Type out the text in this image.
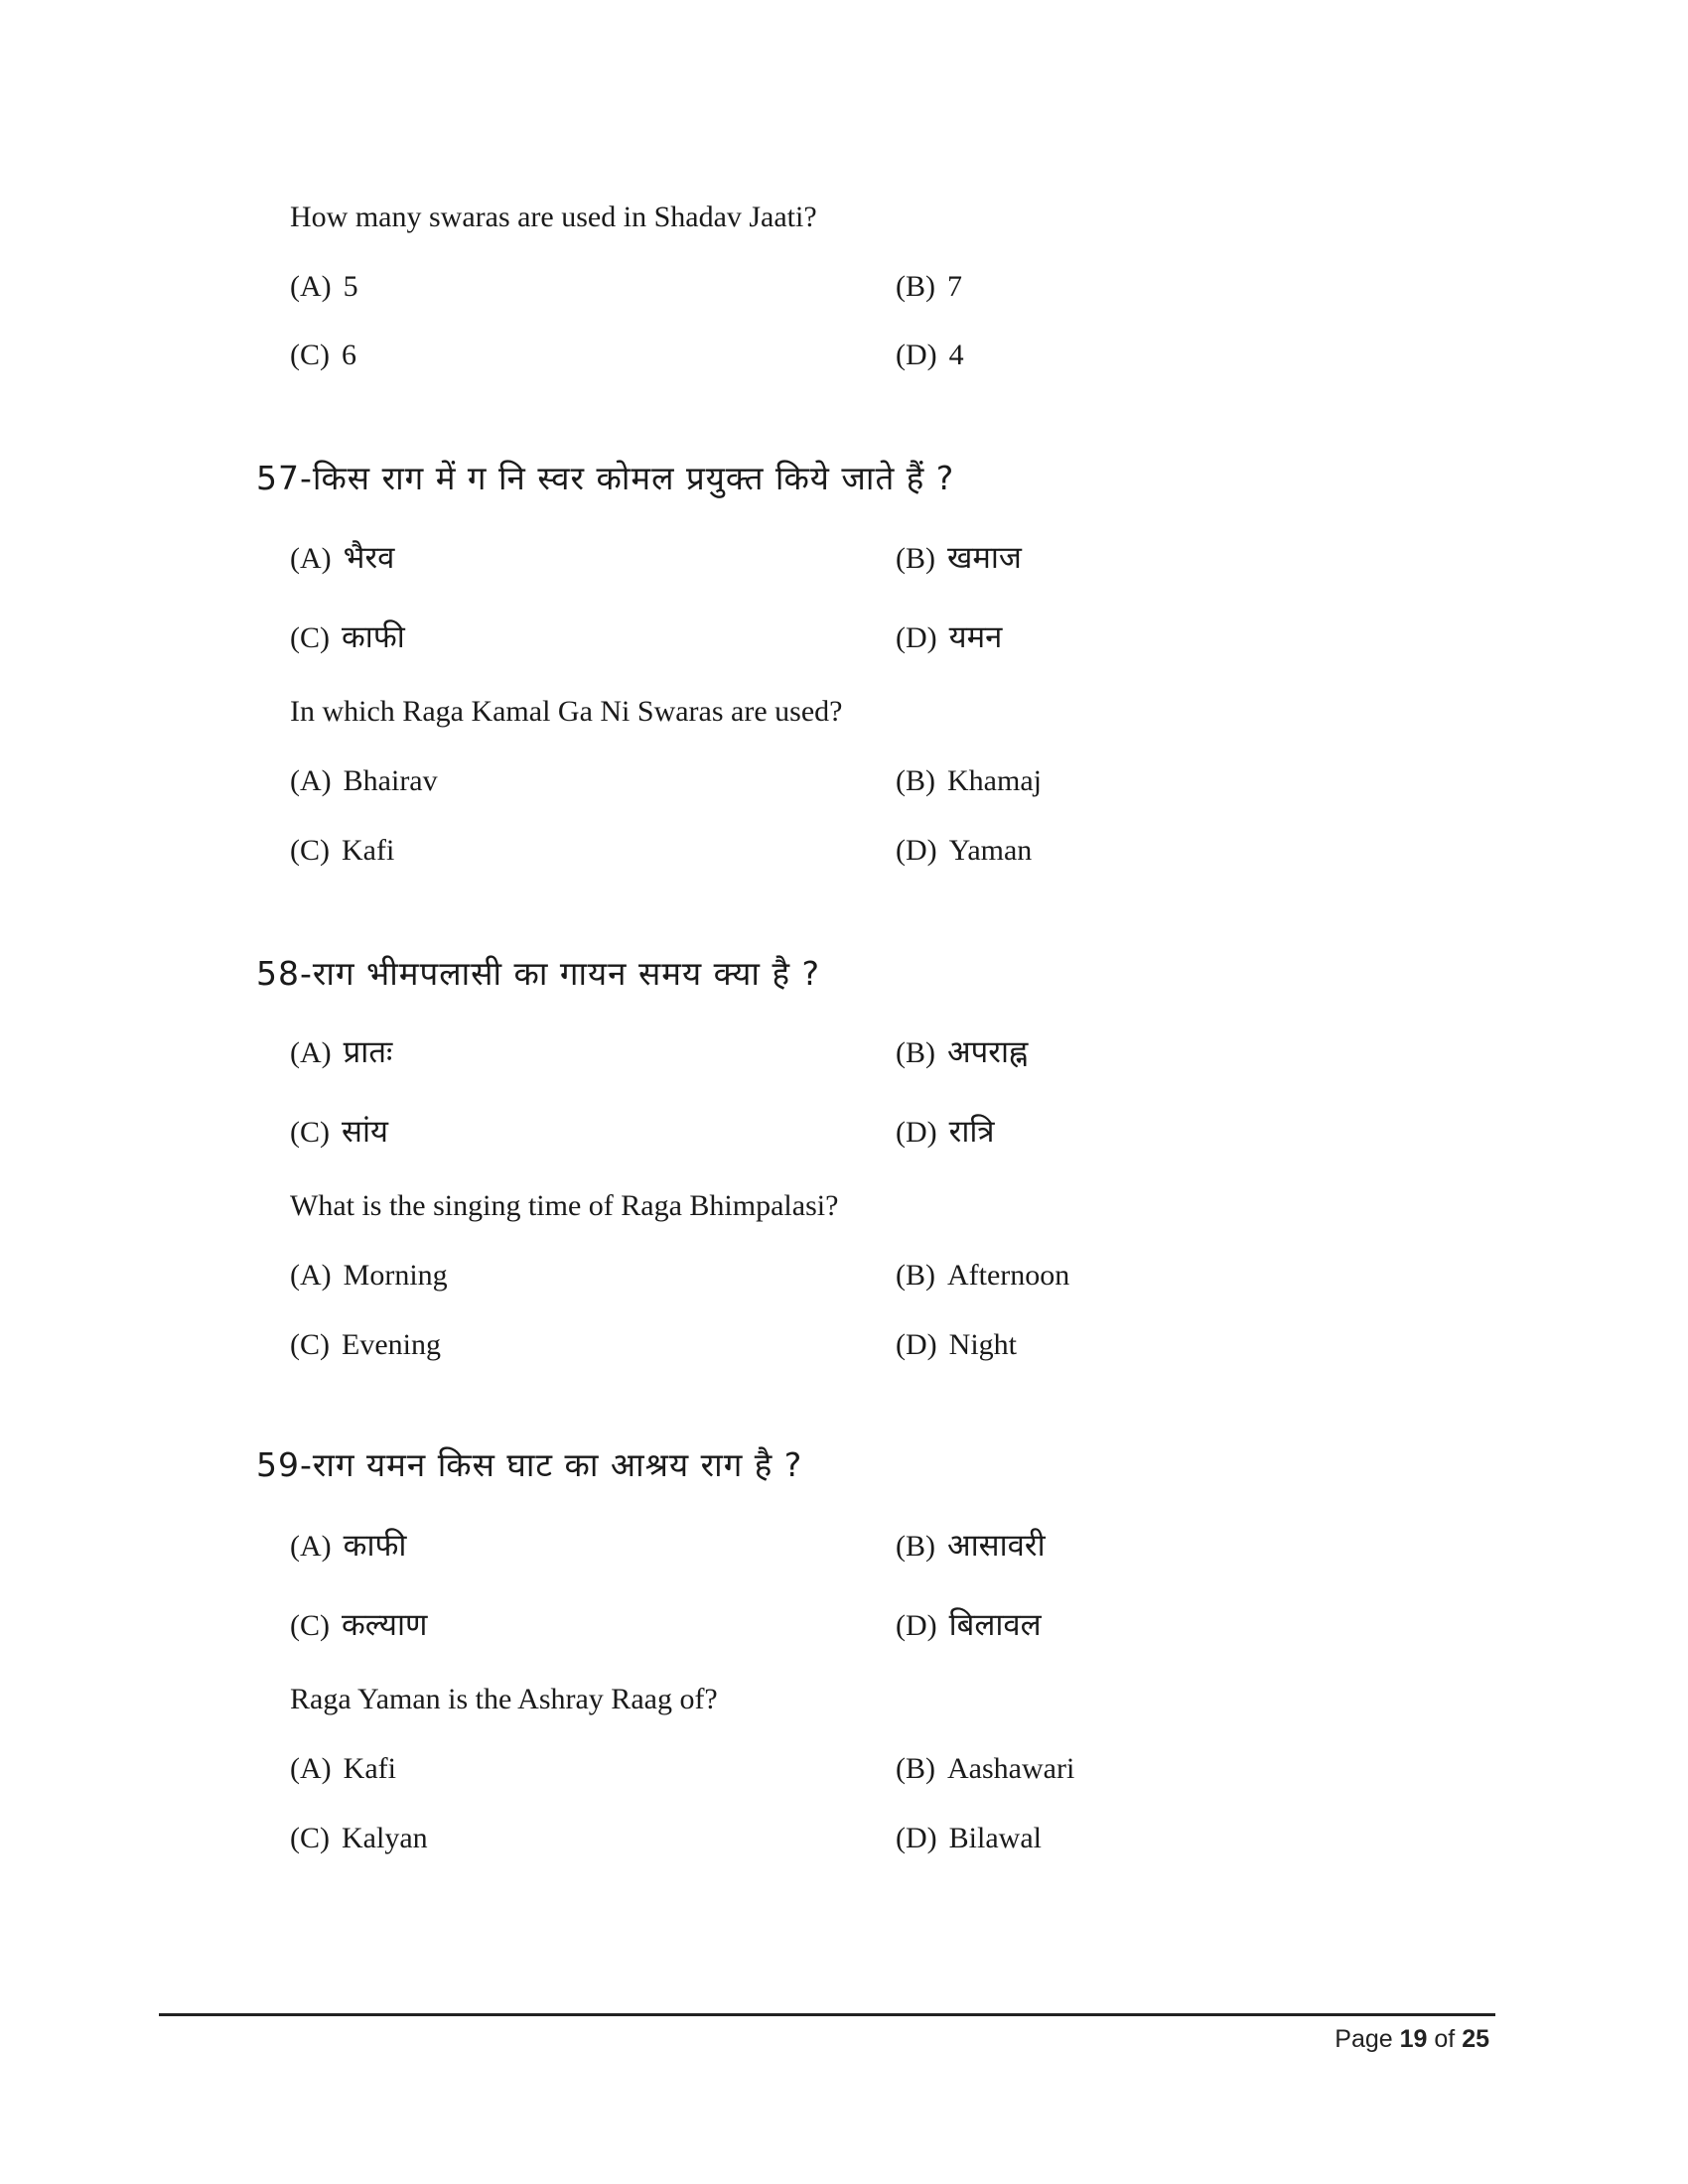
How many swaras are used in Shadav Jaati?
(A) 5	(B) 7
(C) 6	(D) 4
57-किस राग में ग नि स्वर कोमल प्रयुक्त किये जाते हैं ?
(A) भैरव	(B) खमाज
(C) काफी	(D) यमन
In which Raga Kamal Ga Ni Swaras are used?
(A) Bhairav	(B) Khamaj
(C) Kafi	(D) Yaman
58-राग भीमपलासी का गायन समय क्या है ?
(A) प्रातः	(B) अपराह्न
(C) सांय	(D) रात्रि
What is the singing time of Raga Bhimpalasi?
(A) Morning	(B) Afternoon
(C) Evening	(D) Night
59-राग यमन किस घाट का आश्रय राग है ?
(A) काफी	(B) आसावरी
(C) कल्याण	(D) बिलावल
Raga Yaman is the Ashray Raag of?
(A) Kafi	(B) Aashawari
(C) Kalyan	(D) Bilawal
Page 19 of 25
